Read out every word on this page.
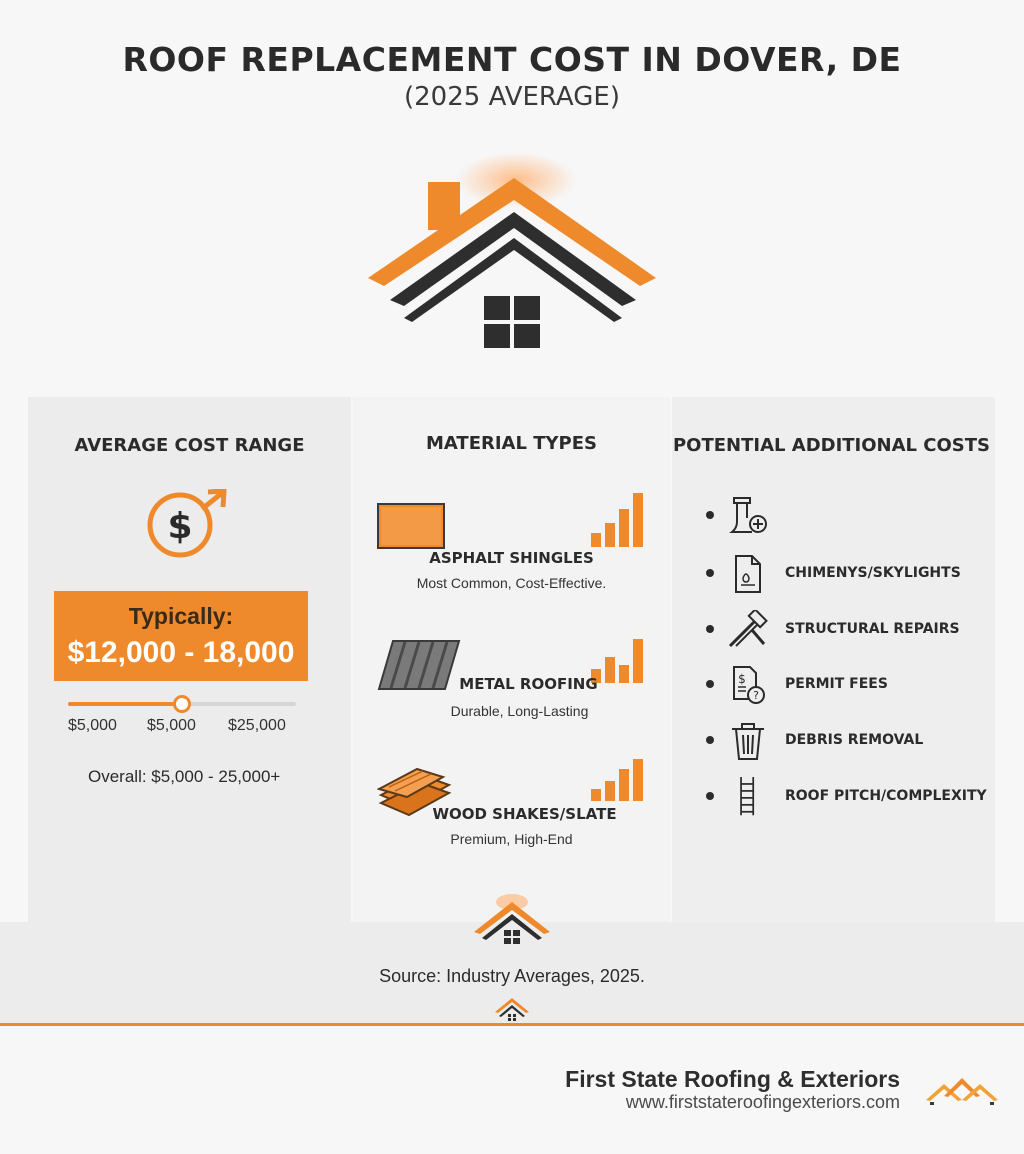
ROOF REPLACEMENT COST IN DOVER, DE
(2025 AVERAGE)
AVERAGE COST RANGE
$
Typically:
$12,000 - 18,000
$5,000 $5,000 $25,000
Overall: $5,000 - 25,000+
MATERIAL TYPES
ASPHALT SHINGLES
Most Common, Cost-Effective.
METAL ROOFING
Durable, Long-Lasting
WOOD SHAKES/SLATE
Premium, High-End
POTENTIAL ADDITIONAL COSTS
CHIMENYS/SKYLIGHTS
STRUCTURAL REPAIRS
$
?
PERMIT FEES
DEBRIS REMOVAL
ROOF PITCH/COMPLEXITY
Source: Industry Averages, 2025.
First State Roofing & Exteriors
www.firststateroofingexteriors.com
